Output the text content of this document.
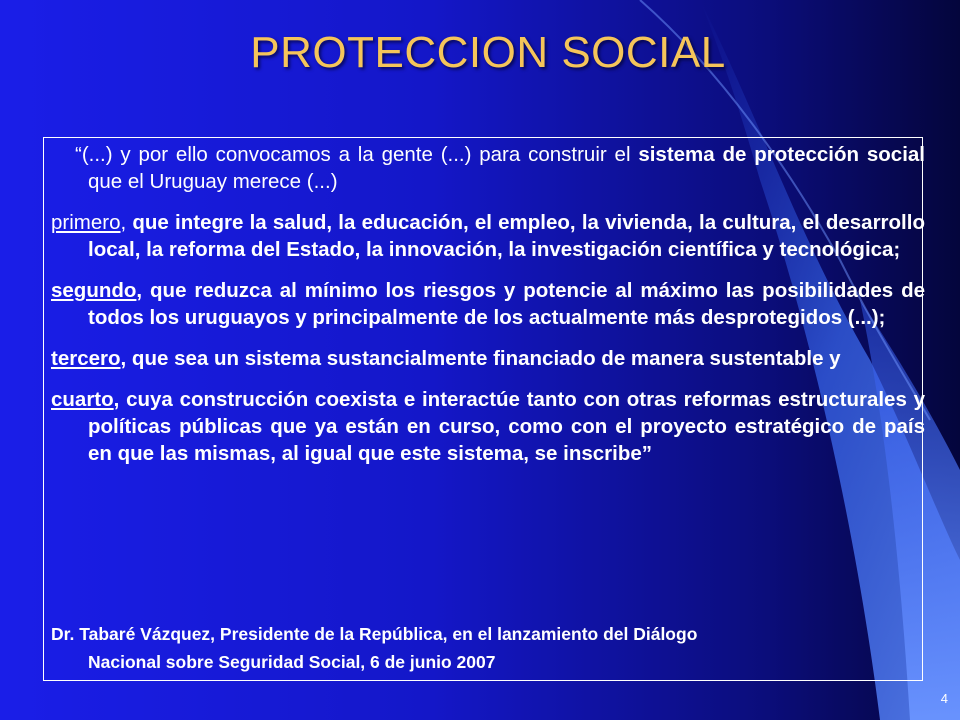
PROTECCION SOCIAL

“(...) y por ello convocamos a la gente (...) para construir el sistema de protección social que el Uruguay merece (...)

primero, que integre la salud, la educación, el empleo, la vivienda, la cultura, el desarrollo local, la reforma del Estado, la innovación, la investigación científica y tecnológica;

segundo, que reduzca al mínimo los riesgos y potencie al máximo las posibilidades de todos los uruguayos y principalmente de los actualmente más desprotegidos (...);

tercero, que sea un sistema sustancialmente financiado de manera sustentable y

cuarto, cuya construcción coexista e interactúe tanto con otras reformas estructurales y políticas públicas que ya están en curso, como con el proyecto estratégico de país en que las mismas, al igual que este sistema, se inscribe”

Dr. Tabaré Vázquez, Presidente de la República, en el lanzamiento del Diálogo
Nacional sobre Seguridad Social, 6 de junio 2007
4
